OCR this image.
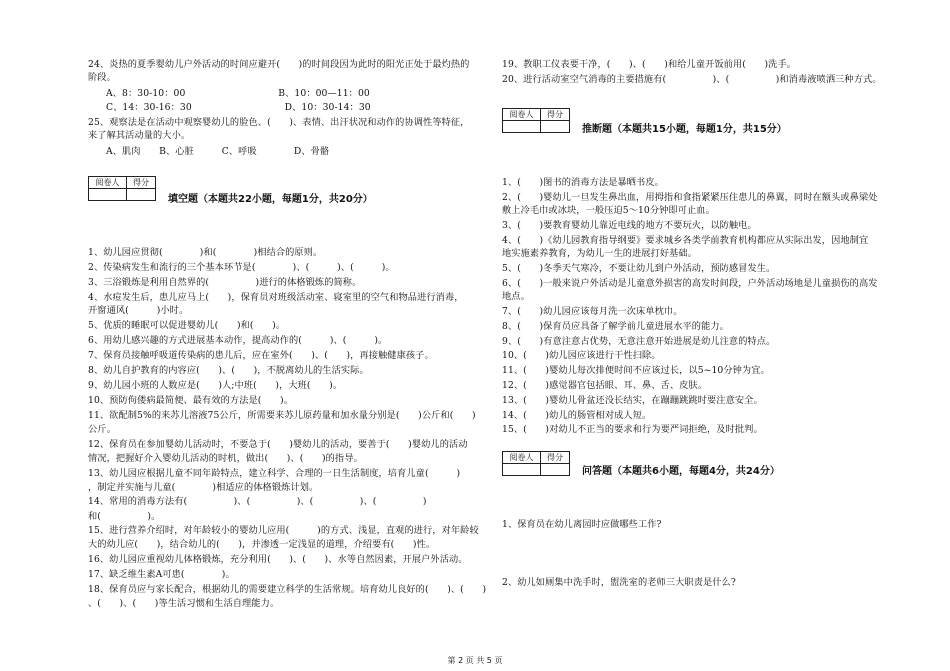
24、炎热的夏季婴幼儿户外活动的时间应避开(　　)的时间段因为此时的阳光正处于最灼热的
阶段。
A、8：30-10：00　　　　　　　　　　B、10：00—11：00
C、14：30-16：30　　　　　　　　　　D、10：30-14：30
25、观察法是在活动中观察婴幼儿的脸色、(　　)、表情、出汗状况和动作的协调性等特征，
来了解其活动量的大小。
A、肌肉　　B、心脏　　　C、呼吸　　　　D、骨骼
阅卷人	得分

填空题（本题共22小题，每题1分，共20分）
1、幼儿园应贯彻(　　　　)和(　　　　)相结合的原则。
2、传染病发生和流行的三个基本环节是(　　　　)、(　　　)、(　　　)。
3、三浴锻炼是利用自然界的(　　　　　)进行的体格锻炼的简称。
4、水痘发生后，患儿应马上(　　)，保育员对班级活动室、寝室里的空气和物品进行消毒，
开窗通风(　　　)小时。
5、优质的睡眠可以促进婴幼儿(　　)和(　　)。
6、用幼儿感兴趣的方式进展基本动作，提高动作的(　　　)、(　　　)。
7、保育员接触呼吸道传染病的患儿后，应在室外(　　)、(　　)，再接触健康孩子。
8、幼儿自护教育的内容应(　　)、(　　)，不脱离幼儿的生活实际。
9、幼儿园小班的人数应是(　　)人;中班(　　)，大班(　　)。
10、预防佝偻病最简便、最有效的方法是(　　)。
11、欲配制5%的来苏儿溶液75公斤，所需要来苏儿原药量和加水量分别是(　　)公斤和(　　)
公斤。
12、保育员在参加婴幼儿活动时，不要急于(　　)婴幼儿的活动，要善于(　　)婴幼儿的活动
情况，把握好介入婴幼儿活动的时机，做出(　　)、(　　)的指导。
13、幼儿园应根据儿童不同年龄特点，建立科学、合理的一日生活制度，培育儿童(　　　)
，制定并实施与儿童(　　　　)相适应的体格锻炼计划。
14、常用的消毒方法有(　　　　　)、(　　　　　)、(　　　　　)、(　　　　　)
和(　　　　　)。
15、进行营养介绍时，对年龄较小的婴幼儿应用(　　　)的方式、浅显，直观的进行，对年龄较
大的幼儿应(　　)，结合幼儿的(　　)，并渗透一定浅显的道理，介绍要有(　　)性。
16、幼儿园应重视幼儿体格锻炼，充分利用(　　)、(　　)、水等自然因素，开展户外活动。
17、缺乏维生素A可患(　　　　)。
18、保育员应与家长配合，根据幼儿的需要建立科学的生活常规。培育幼儿良好的(　　)、(　　)
、(　　)、(　　)等生活习惯和生活自理能力。
19、教职工仪表要干净，(　　)、(　　)和给儿童开饭前用(　　)洗手。
20、进行活动室空气消毒的主要措施有(　　　　　)、(　　　　　)和消毒液喷洒三种方式。
阅卷人	得分

推断题（本题共15小题，每题1分，共15分）
1、(　　)图书的消毒方法是暴晒书皮。
2、(　　)婴幼儿一旦发生鼻出血，用拇指和食指紧紧压住患儿的鼻翼，同时在额头或鼻梁处
敷上冷毛巾或冰块，一般压迫5～10分钟即可止血。
3、(　　)要教育婴幼儿靠近电线的地方不要玩火，以防触电。
4、(　　)《幼儿园教育指导纲要》要求城乡各类学前教育机构都应从实际出发，因地制宜
地实施素养教育，为幼儿一生的进展打好基础。
5、(　　)冬季天气寒冷，不要让幼儿到户外活动，预防感冒发生。
6、(　　)一般来说户外活动是儿童意外损害的高发时间段，户外活动场地是儿童损伤的高发
地点。
7、(　　)幼儿园应该每月洗一次床单枕巾。
8、(　　)保育员应具备了解学前儿童进展水平的能力。
9、(　　)有意注意占优势，无意注意开始进展是幼儿注意的特点。
10、(　　)幼儿园应该进行干性扫除。
11、(　　)婴幼儿每次排便时间不应该过长，以5~10分钟为宜。
12、(　　)感觉器官包括眼、耳、鼻、舌、皮肤。
13、(　　)婴幼儿骨盆还没长结实，在蹦蹦跳跳时要注意安全。
14、(　　)幼儿的肠管相对成人短。
15、(　　)对幼儿不正当的要求和行为要严词拒绝，及时批判。
阅卷人	得分

问答题（本题共6小题，每题4分，共24分）
1、保育员在幼儿离园时应做哪些工作?
2、幼儿如厕集中洗手时，盥洗室的老师三大职责是什么?
第 2 页 共 5 页
